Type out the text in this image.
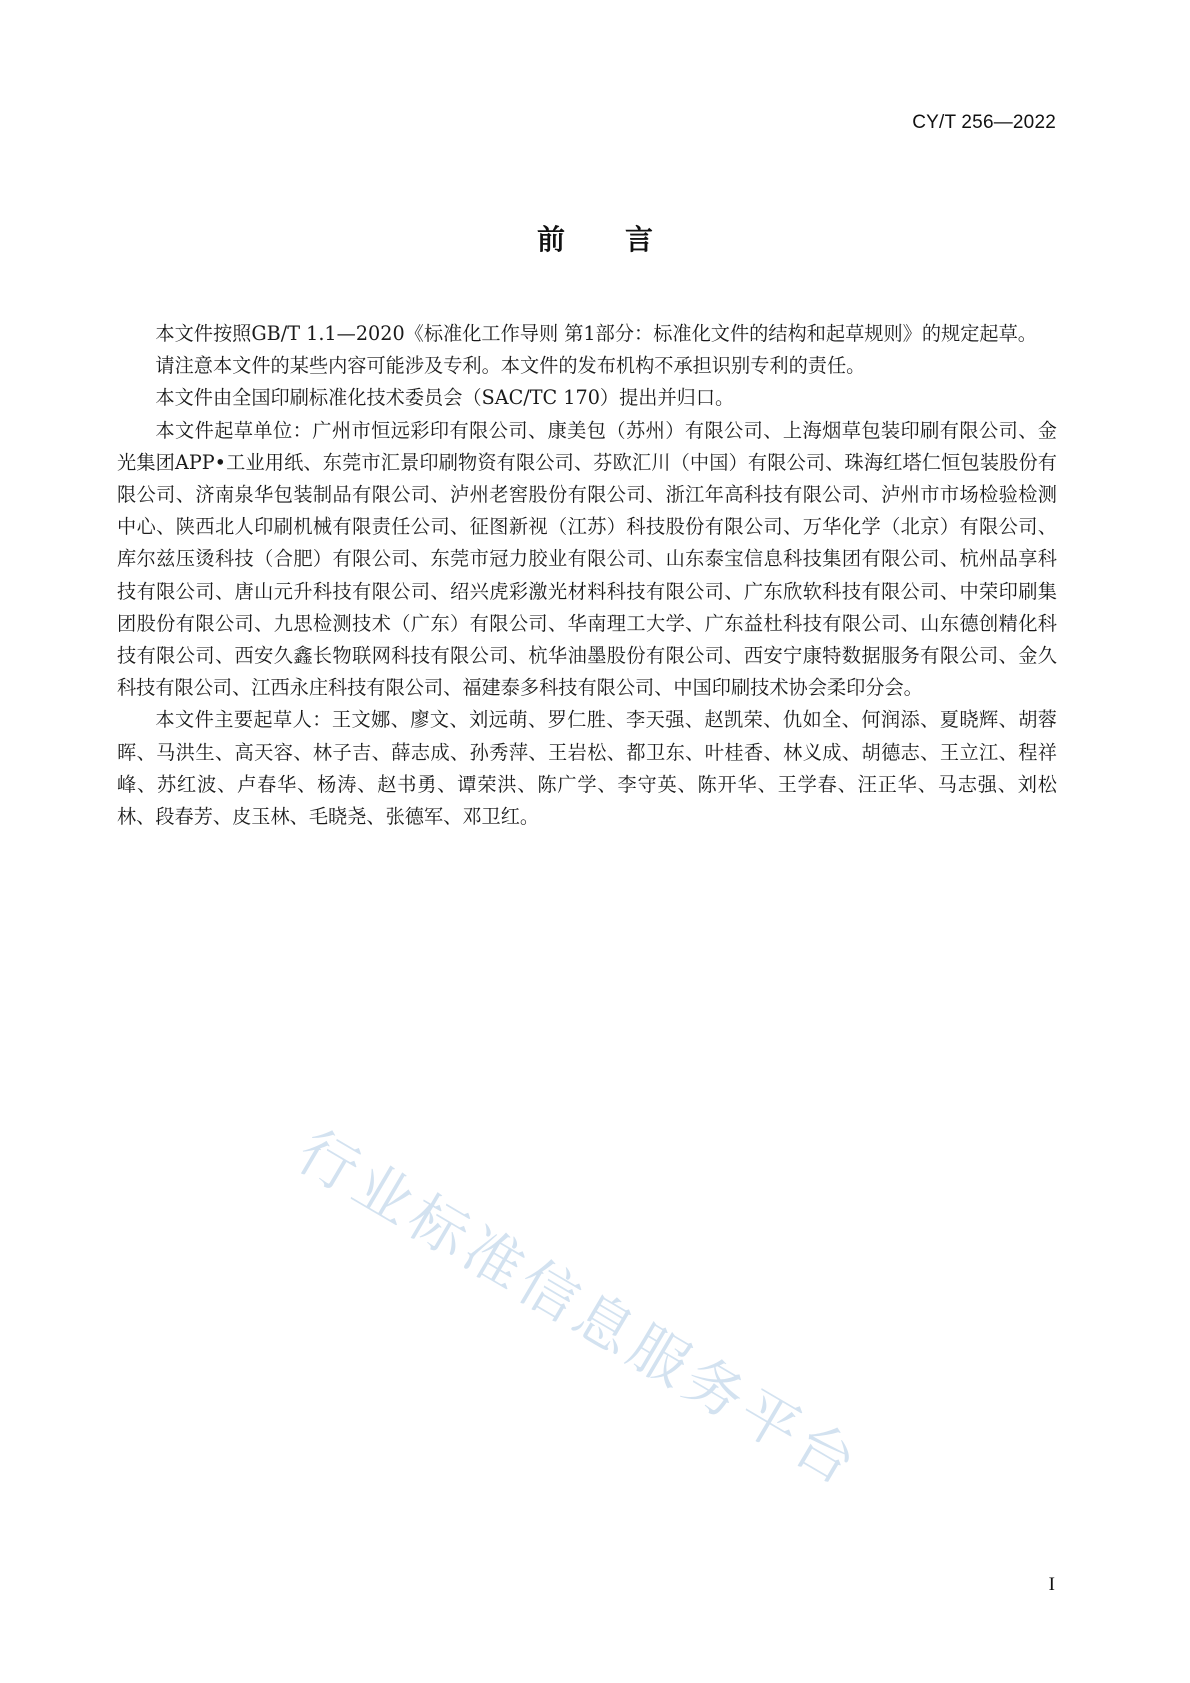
CY/T 256—2022
前言

本文件按照GB/T 1.1—2020《标准化工作导则 第1部分：标准化文件的结构和起草规则》的规定起草。

请注意本文件的某些内容可能涉及专利。本文件的发布机构不承担识别专利的责任。

本文件由全国印刷标准化技术委员会（SAC/TC 170）提出并归口。

本文件起草单位：广州市恒远彩印有限公司、康美包（苏州）有限公司、上海烟草包装印刷有限公司、金光集团APP•工业用纸、东莞市汇景印刷物资有限公司、芬欧汇川（中国）有限公司、珠海红塔仁恒包装股份有限公司、济南泉华包装制品有限公司、泸州老窖股份有限公司、浙江年高科技有限公司、泸州市市场检验检测中心、陕西北人印刷机械有限责任公司、征图新视（江苏）科技股份有限公司、万华化学（北京）有限公司、库尔兹压烫科技（合肥）有限公司、东莞市冠力胶业有限公司、山东泰宝信息科技集团有限公司、杭州品享科技有限公司、唐山元升科技有限公司、绍兴虎彩激光材料科技有限公司、广东欣软科技有限公司、中荣印刷集团股份有限公司、九思检测技术（广东）有限公司、华南理工大学、广东益杜科技有限公司、山东德创精化科技有限公司、西安久鑫长物联网科技有限公司、杭华油墨股份有限公司、西安宁康特数据服务有限公司、金久科技有限公司、江西永庄科技有限公司、福建泰多科技有限公司、中国印刷技术协会柔印分会。

本文件主要起草人：王文娜、廖文、刘远萌、罗仁胜、李天强、赵凯荣、仇如全、何润添、夏晓辉、胡蓉晖、马洪生、高天容、林子吉、薛志成、孙秀萍、王岩松、都卫东、叶桂香、林义成、胡德志、王立江、程祥峰、苏红波、卢春华、杨涛、赵书勇、谭荣洪、陈广学、李守英、陈开华、王学春、汪正华、马志强、刘松林、段春芳、皮玉林、毛晓尧、张德军、邓卫红。

行业标准信息服务平台
I
